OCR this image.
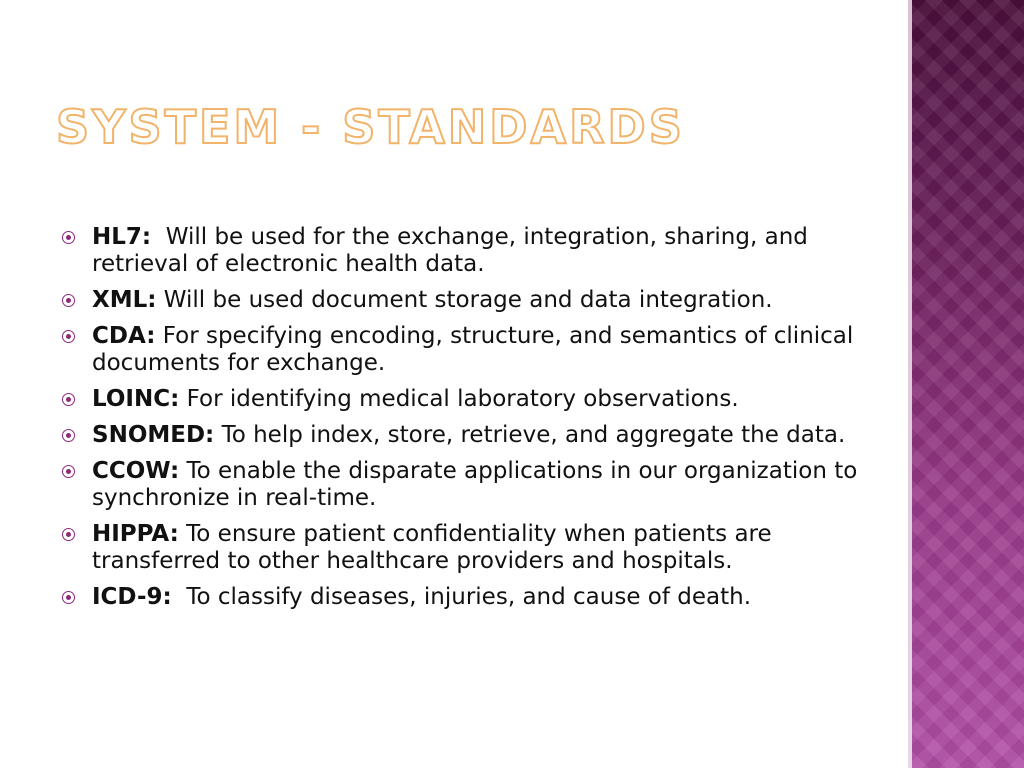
SYSTEM - STANDARDS
HL7:  Will be used for the exchange, integration, sharing, and retrieval of electronic health data.
XML: Will be used document storage and data integration.
CDA: For specifying encoding, structure, and semantics of clinical documents for exchange.
LOINC: For identifying medical laboratory observations.
SNOMED: To help index, store, retrieve, and aggregate the data.
CCOW: To enable the disparate applications in our organization to synchronize in real-time.
HIPPA: To ensure patient confidentiality when patients are transferred to other healthcare providers and hospitals.
ICD-9:  To classify diseases, injuries, and cause of death.
